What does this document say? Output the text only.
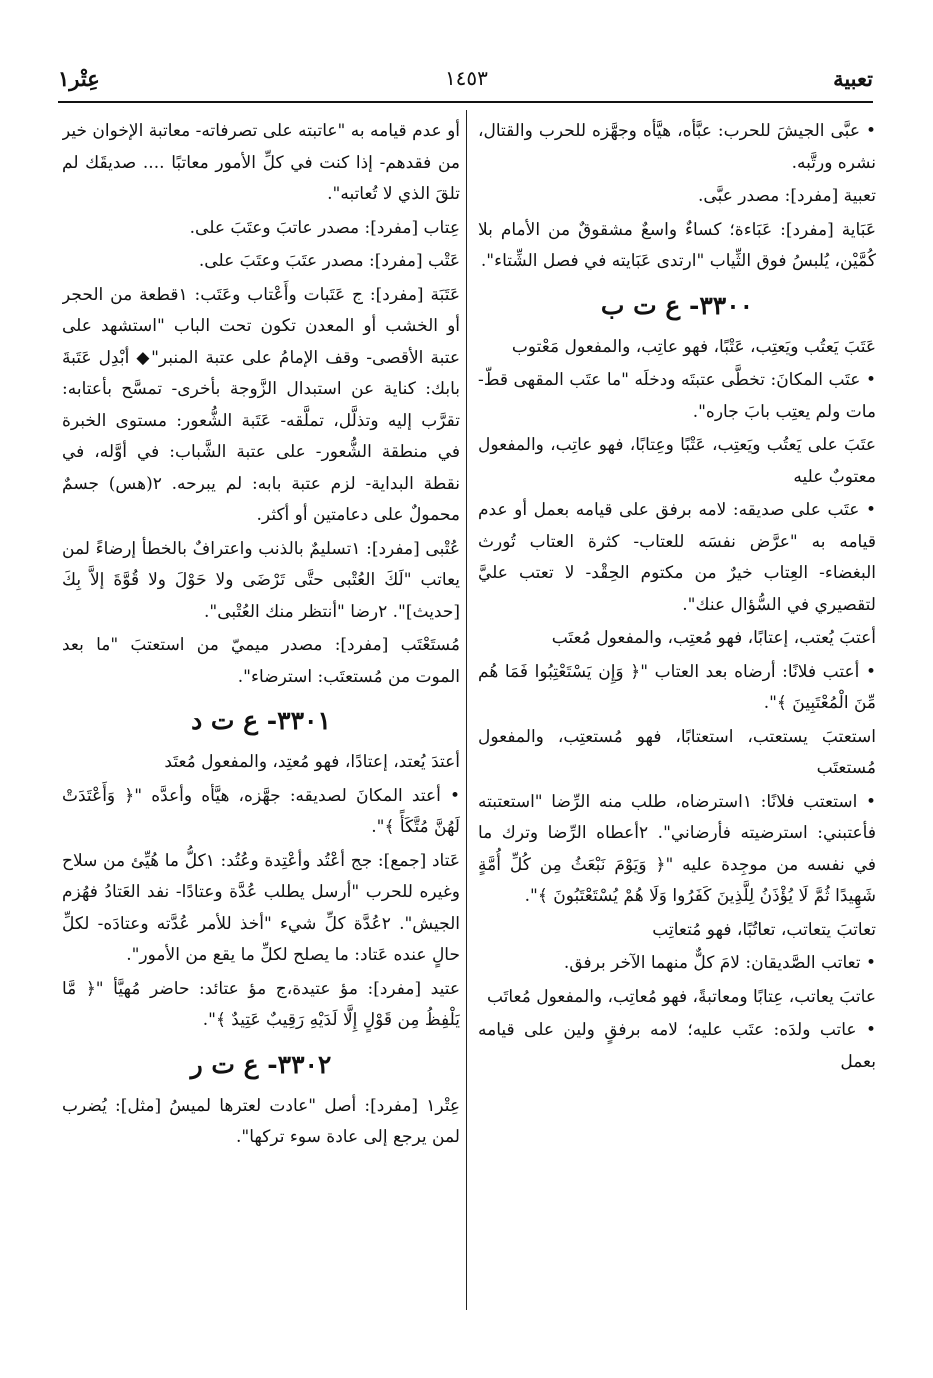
تعبية
١٤٥٣
عِتْر١

• عبَّى الجيشَ للحرب: عبَّأه، هيَّأه وجهَّزه للحرب والقتال، نشره ورتَّبه.

تعبية [مفرد]: مصدر عبَّى.

عَبَاية [مفرد]: عَبَاءة؛ كساءٌ واسعٌ مشقوقٌ من الأمام بلا كُمَّيْن، يُلبسُ فوق الثِّياب "ارتدى عَبَايته في فصل الشِّتاء".

٣٣٠٠- ع ت ب

عَتَبَ يَعتُب ويَعتِب، عَتْبًا، فهو عاتِب، والمفعول مَعْتوب

• عتَب المكانَ: تخطَّى عتبتَه ودخلَه "ما عتَب المقهى قطّ- مات ولم يعتِب بابَ جاره".

عتَبَ على يَعتُب ويَعتِب، عَتْبًا وعِتابًا، فهو عاتِب، والمفعول معتوبٌ عليه

• عتَب على صديقه: لامه برفق على قيامه بعمل أو عدم قيامه به "عرَّض نفسَه للعتاب- كثرة العتاب تُورث البغضاء- العِتاب خيرٌ من مكتوم الحِقْد- لا تعتب عليَّ لتقصيري في السُّؤال عنك".

أعتبَ يُعتب، إعتابًا، فهو مُعتِب، والمفعول مُعتَب

• أعتب فلانًا: أرضاه بعد العتاب "﴿ وَإِن يَسْتَعْتِبُوا فَمَا هُم مِّنَ الْمُعْتَبِينَ ﴾".

استعتبَ يستعتب، استعتابًا، فهو مُستعتِب، والمفعول مُستعتَب

• استعتب فلانًا: ١استرضاه، طلب منه الرِّضا "استعتبته فأعتبني: استرضيته فأرضاني". ٢أعطاه الرِّضا وترك ما في نفسه من موجِدة عليه "﴿ وَيَوْمَ نَبْعَثُ مِن كُلِّ أُمَّةٍ شَهِيدًا ثُمَّ لَا يُؤْذَنُ لِلَّذِينَ كَفَرُوا وَلَا هُمْ يُسْتَعْتَبُونَ ﴾".

تعاتبَ يتعاتب، تعاتُبًا، فهو مُتعاتِب

• تعاتب الصَّديقان: لامَ كلٌّ منهما الآخر برفق.

عاتبَ يعاتب، عِتابًا ومعاتبةً، فهو مُعاتِب، والمفعول مُعاتَب

• عاتب ولدَه: عتَب عليه؛ لامه برفقٍ ولين على قيامه بعمل

أو عدم قيامه به "عاتبته على تصرفاته- معاتبة الإخوان خير من فقدهم- إذا كنت في كلِّ الأمور معاتبًا .... صديقَك لم تلقَ الذي لا تُعاتبه".

عِتاب [مفرد]: مصدر عاتبَ وعتَبَ على.

عَتْب [مفرد]: مصدر عتَبَ وعتَبَ على.

عَتَبَة [مفرد]: ج عَتَبات وأَعْتاب وعَتَب: ١قطعة من الحجر أو الخشب أو المعدن تكون تحت الباب "استشهد على عتبة الأقصى- وقف الإمامُ على عتبة المنبر"◆ أبْدِل عَتَبةَ بابك: كناية عن استبدال الزَّوجة بأخرى- تمسَّح بأعتابه: تقرَّب إليه وتذلَّل، تملَّقه- عَتَبة الشُّعور: مستوى الخبرة في منطقة الشُّعور- على عتبة الشَّباب: في أوَّله، في نقطة البداية- لزم عتبة بابه: لم يبرحه. ٢(هس) جسمٌ محمولٌ على دعامتين أو أكثر.

عُتْبى [مفرد]: ١تسليمٌ بالذنب واعترافٌ بالخطأ إرضاءً لمن يعاتب "لَكَ العُتْبى حتَّى تَرْضَى ولا حَوْلَ ولا قُوَّةَ إلاَّ بِكَ [حديث]". ٢رضا "أنتظر منك العُتْبى".

مُستَعْتَب [مفرد]: مصدر ميميّ من استعتبَ "ما بعد الموت من مُستعتَب: استرضاء".

٣٣٠١- ع ت د

أعتدَ يُعتد، إعتادًا، فهو مُعتِد، والمفعول مُعتَد

• أعتد المكانَ لصديقه: جهَّزه، هيَّأه وأعدَّه "﴿ وَأَعْتَدَتْ لَهُنَّ مُتَّكَأً ﴾".

عَتاد [جمع]: جج أعْتُد وأعْتِدة وعُتُد: ١كلُّ ما هُيِّئ من سلاح وغيره للحرب "أرسل يطلب عُدَّة وعتادًا- نفد العَتادُ فهُزم الجيش". ٢عُدَّة كلِّ شيء "أخذ للأمر عُدَّته وعتادَه- لكلِّ حالٍ عنده عَتاد: ما يصلح لكلِّ ما يقع من الأمور".

عتيد [مفرد]: مؤ عتيدة،ج مؤ عتائد: حاضر مُهيَّأ "﴿ مَّا يَلْفِظُ مِن قَوْلٍ إِلَّا لَدَيْهِ رَقِيبٌ عَتِيدٌ ﴾".

٣٣٠٢- ع ت ر

عِتْر١ [مفرد]: أصل "عادت لعترها لميسُ [مثل]: يُضرب لمن يرجع إلى عادة سوء تركها".
